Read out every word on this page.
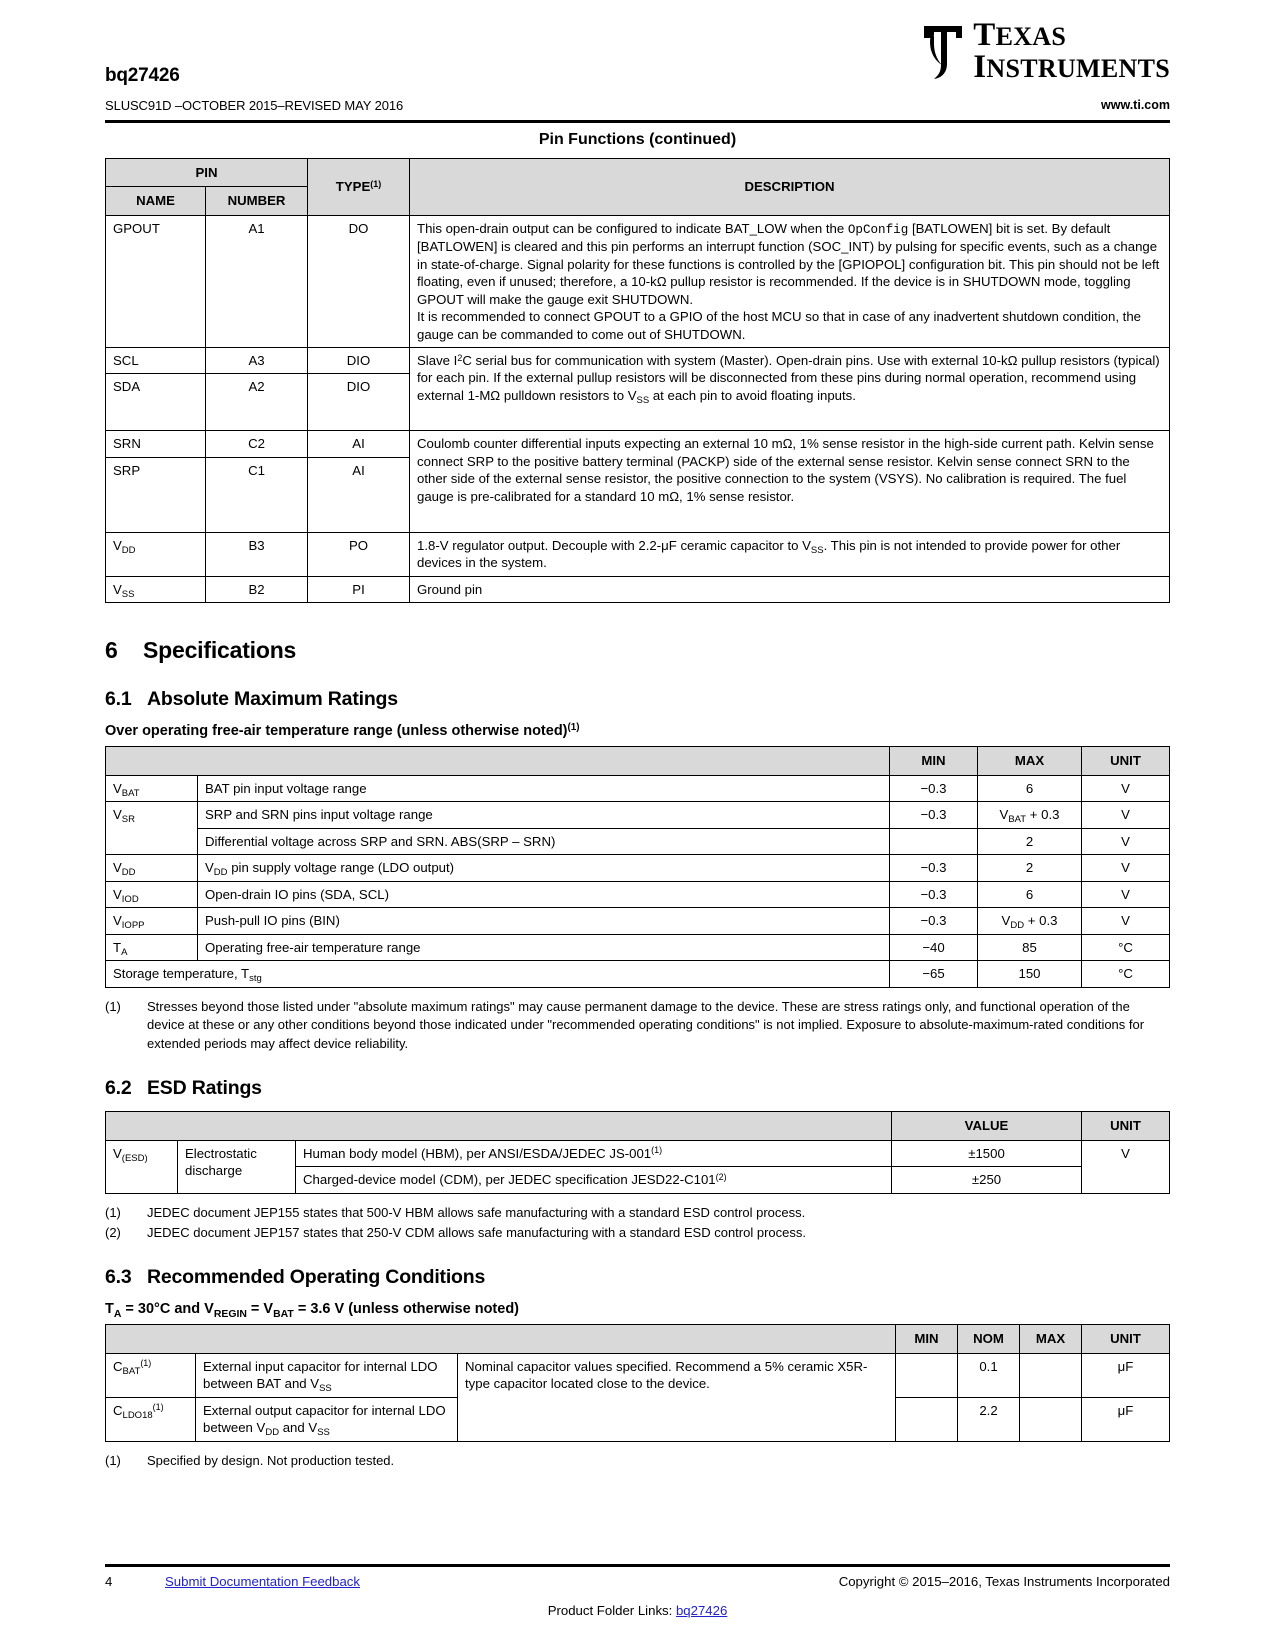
TEXAS
INSTRUMENTS
bq27426
SLUSC91D –OCTOBER 2015–REVISED MAY 2016	www.ti.com
Pin Functions (continued)
PIN		TYPE$^{(1)}$	DESCRIPTION
NAME	NUMBER		
GPOUT	A1	DO	This open-drain output can be configured to indicate BAT_LOW when the OpConfig [BATLOWEN] bit is set. By default [BATLOWEN] is cleared and this pin performs an interrupt function (SOC_INT) by pulsing for specific events, such as a change in state-of-charge. Signal polarity for these functions is controlled by the [GPIOPOL] configuration bit. This pin should not be left floating, even if unused; therefore, a 10-kΩ pullup resistor is recommended. If the device is in SHUTDOWN mode, toggling GPOUT will make the gauge exit SHUTDOWN.
It is recommended to connect GPOUT to a GPIO of the host MCU so that in case of any inadvertent shutdown condition, the gauge can be commanded to come out of SHUTDOWN.
SCL	A3	DIO	Slave $I^2C$ serial bus for communication with system (Master). Open-drain pins. Use with external 10-kΩ pullup resistors (typical) for each pin. If the external pullup resistors will be disconnected from these pins during normal operation, recommend using external 1-MΩ pulldown resistors to $V_{SS}$ at each pin to avoid floating inputs.
SDA	A2	DIO	
SRN	C2	AI	Coulomb counter differential inputs expecting an external 10 mΩ, 1% sense resistor in the high-side current path. Kelvin sense connect SRP to the positive battery terminal (PACKP) side of the external sense resistor. Kelvin sense connect SRN to the other side of the external sense resistor, the positive connection to the system (VSYS). No calibration is required. The fuel gauge is pre-calibrated for a standard 10 mΩ, 1% sense resistor.
SRP	C1	AI	
$V_{DD}$	B3	PO	1.8-V regulator output. Decouple with 2.2-μF ceramic capacitor to $V_{SS}$. This pin is not intended to provide power for other devices in the system.
$V_{SS}$	B2	PI	Ground pin
6 Specifications
6.1 Absolute Maximum Ratings
Over operating free-air temperature range (unless otherwise noted)$^{(1)}$
		MIN	MAX	UNIT
$V_{BAT}$	BAT pin input voltage range	−0.3	6	V
$V_{SR}$	SRP and SRN pins input voltage range	−0.3	$V_{BAT} + 0.3$	V
	Differential voltage across SRP and SRN. ABS(SRP – SRN)		2	V
$V_{DD}$	$V_{DD}$ pin supply voltage range (LDO output)	−0.3	2	V
$V_{IOD}$	Open-drain IO pins (SDA, SCL)	−0.3	6	V
$V_{IOPP}$	Push-pull IO pins (BIN)	−0.3	$V_{DD} + 0.3$	V
$T_A$	Operating free-air temperature range	−40	85	°C
Storage temperature, $T_{stg}$		−65	150	°C
(1)	Stresses beyond those listed under "absolute maximum ratings" may cause permanent damage to the device. These are stress ratings only, and functional operation of the device at these or any other conditions beyond those indicated under "recommended operating conditions" is not implied. Exposure to absolute-maximum-rated conditions for extended periods may affect device reliability.
6.2 ESD Ratings
			VALUE	UNIT
$V_{(ESD)}$	Electrostatic discharge	Human body model (HBM), per ANSI/ESDA/JEDEC $JS-001^{(1)}$	±1500	V
		Charged-device model (CDM), per JEDEC specification $JESD22-C101^{(2)}$	±250	
(1)	JEDEC document JEP155 states that 500-V HBM allows safe manufacturing with a standard ESD control process.
(2)	JEDEC document JEP157 states that 250-V CDM allows safe manufacturing with a standard ESD control process.
6.3 Recommended Operating Conditions
$T_A = 30^\circ C$ and $V_{REGIN} = V_{BAT} = 3.6$ V (unless otherwise noted)
			MIN	NOM	MAX	UNIT
$C_{BAT}^{(1)}$	External input capacitor for internal LDO between BAT and $V_{SS}$	Nominal capacitor values specified. Recommend a 5% ceramic X5R-type capacitor located close to the device.		0.1		μF
$C_{LDO18}^{(1)}$	External output capacitor for internal LDO between $V_{DD}$ and $V_{SS}$			2.2		μF
(1)	Specified by design. Not production tested.
4	Submit Documentation Feedback	Copyright © 2015–2016, Texas Instruments Incorporated
Product Folder Links: bq27426
